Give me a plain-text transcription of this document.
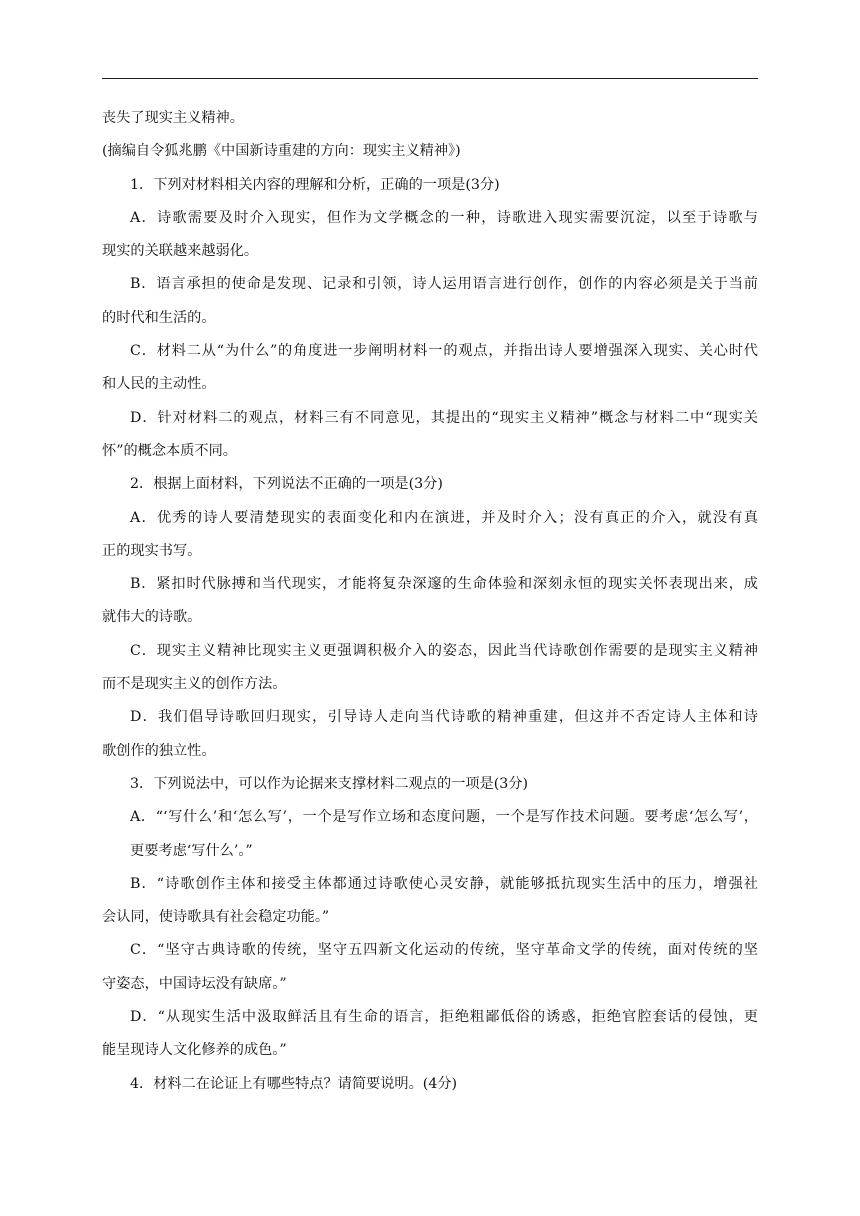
丧失了现实主义精神。
(摘编自令狐兆鹏《中国新诗重建的方向：现实主义精神》)
1．下列对材料相关内容的理解和分析，正确的一项是(3分)
A．诗歌需要及时介入现实，但作为文学概念的一种，诗歌进入现实需要沉淀，以至于诗歌与
现实的关联越来越弱化。
B．语言承担的使命是发现、记录和引领，诗人运用语言进行创作，创作的内容必须是关于当前
的时代和生活的。
C．材料二从“为什么”的角度进一步阐明材料一的观点，并指出诗人要增强深入现实、关心时代
和人民的主动性。
D．针对材料二的观点，材料三有不同意见，其提出的“现实主义精神”概念与材料二中“现实关
怀”的概念本质不同。
2．根据上面材料，下列说法不正确的一项是(3分)
A．优秀的诗人要清楚现实的表面变化和内在演进，并及时介入；没有真正的介入，就没有真
正的现实书写。
B．紧扣时代脉搏和当代现实，才能将复杂深邃的生命体验和深刻永恒的现实关怀表现出来，成
就伟大的诗歌。
C．现实主义精神比现实主义更强调积极介入的姿态，因此当代诗歌创作需要的是现实主义精神
而不是现实主义的创作方法。
D．我们倡导诗歌回归现实，引导诗人走向当代诗歌的精神重建，但这并不否定诗人主体和诗
歌创作的独立性。
3．下列说法中，可以作为论据来支撑材料二观点的一项是(3分)
A．“‘写什么’和‘怎么写’，一个是写作立场和态度问题，一个是写作技术问题。要考虑‘怎么写’，
更要考虑‘写什么’。”
B．“诗歌创作主体和接受主体都通过诗歌使心灵安静，就能够抵抗现实生活中的压力，增强社
会认同，使诗歌具有社会稳定功能。”
C．“坚守古典诗歌的传统，坚守五四新文化运动的传统，坚守革命文学的传统，面对传统的坚
守姿态，中国诗坛没有缺席。”
D．“从现实生活中汲取鲜活且有生命的语言，拒绝粗鄙低俗的诱惑，拒绝官腔套话的侵蚀，更
能呈现诗人文化修养的成色。”
4．材料二在论证上有哪些特点？请简要说明。(4分)
